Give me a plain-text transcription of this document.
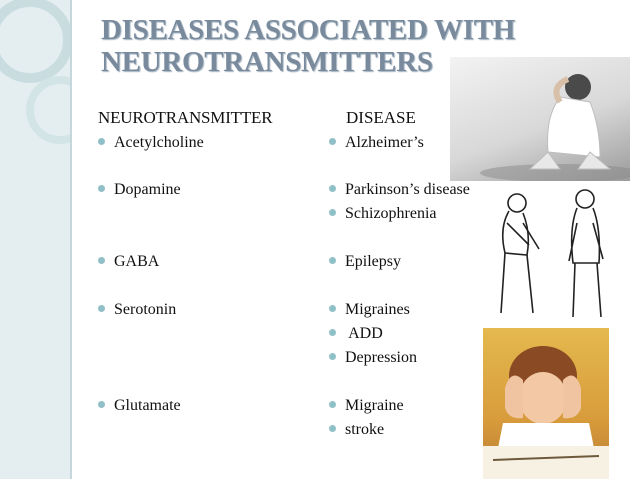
DISEASES ASSOCIATED WITH NEUROTRANSMITTERS
NEUROTRANSMITTER	DISEASE

Acetylcholine

Dopamine

GABA

Serotonin

Glutamate

Alzheimer’s

Parkinson’s disease

Schizophrenia

Epilepsy

Migraines

ADD

Depression

Migraine

stroke
